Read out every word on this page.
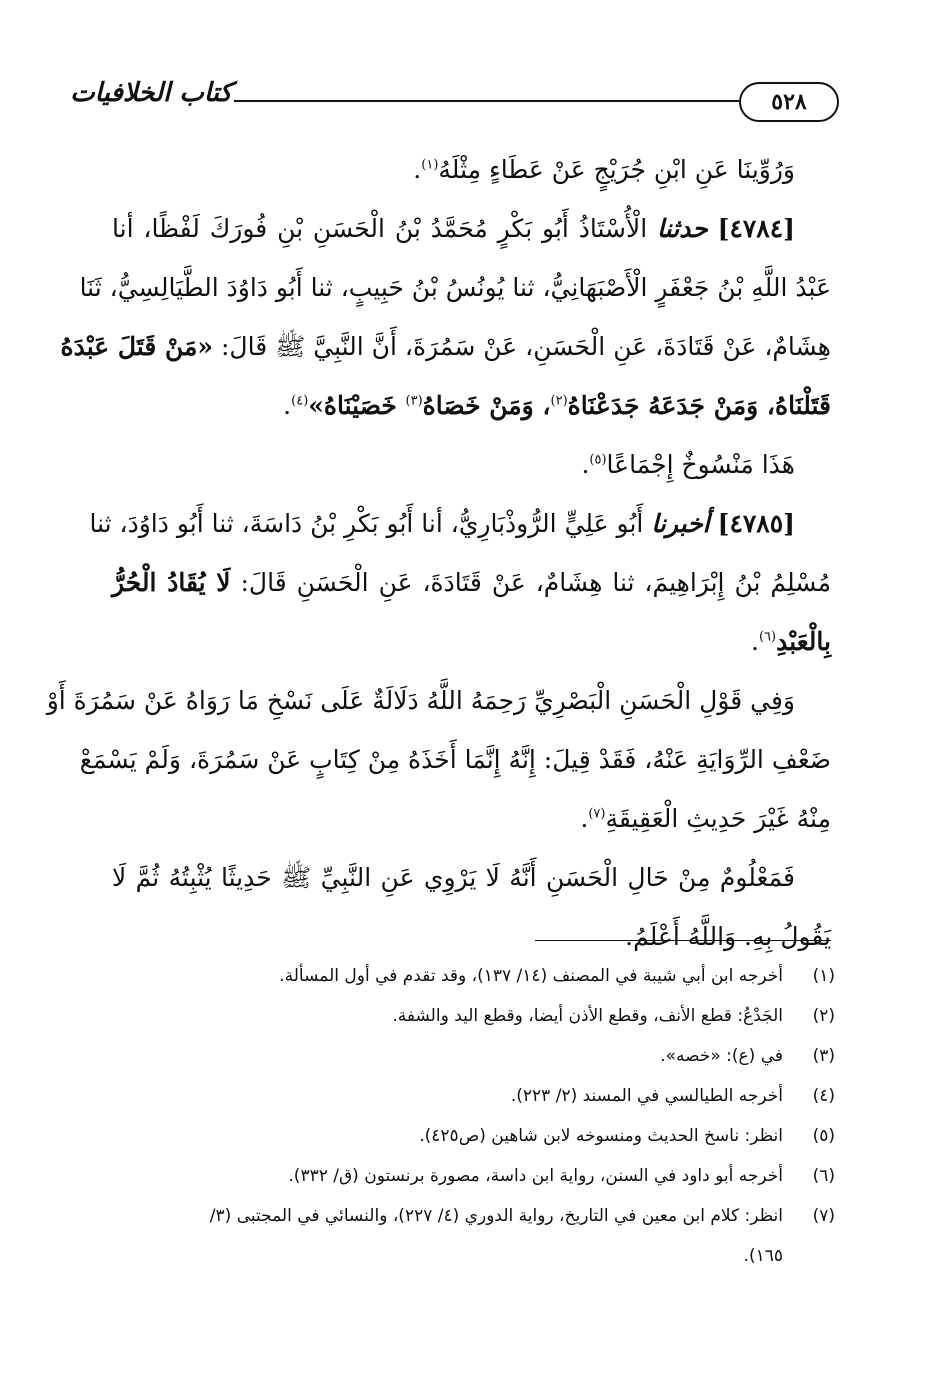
٥٢٨
كتاب الخلافيات
وَرُوِّينَا عَنِ ابْنِ جُرَيْجٍ عَنْ عَطَاءٍ مِثْلَهُ$^{(١)}$.
[٤٧٨٤] حدثنا الْأُسْتَاذُ أَبُو بَكْرٍ مُحَمَّدُ بْنُ الْحَسَنِ بْنِ فُورَكَ لَفْظًا، أنا
عَبْدُ اللَّهِ بْنُ جَعْفَرٍ الْأَصْبَهَانِيُّ، ثنا يُونُسُ بْنُ حَبِيبٍ، ثنا أَبُو دَاوُدَ الطَّيَالِسِيُّ، ثَنَا
هِشَامٌ، عَنْ قَتَادَةَ، عَنِ الْحَسَنِ، عَنْ سَمُرَةَ، أَنَّ النَّبِيَّ ﷺ قَالَ: «مَنْ قَتَلَ عَبْدَهُ
قَتَلْنَاهُ، وَمَنْ جَدَعَهُ جَدَعْنَاهُ$^{(٢)}$، وَمَنْ خَصَاهُ$^{(٣)}$ خَصَيْنَاهُ»$^{(٤)}$.
هَذَا مَنْسُوخٌ إِجْمَاعًا$^{(٥)}$.
[٤٧٨٥] أخبرنا أَبُو عَلِيٍّ الرُّوذْبَارِيُّ، أنا أَبُو بَكْرِ بْنُ دَاسَةَ، ثنا أَبُو دَاوُدَ، ثنا
مُسْلِمُ بْنُ إِبْرَاهِيمَ، ثنا هِشَامٌ، عَنْ قَتَادَةَ، عَنِ الْحَسَنِ قَالَ: لَا يُقَادُ الْحُرُّ
بِالْعَبْدِ$^{(٦)}$.
وَفِي قَوْلِ الْحَسَنِ الْبَصْرِيِّ رَحِمَهُ اللَّهُ دَلَالَةٌ عَلَى نَسْخِ مَا رَوَاهُ عَنْ سَمُرَةَ أَوْ
ضَعْفِ الرِّوَايَةِ عَنْهُ، فَقَدْ قِيلَ: إِنَّهُ إِنَّمَا أَخَذَهُ مِنْ كِتَابٍ عَنْ سَمُرَةَ، وَلَمْ يَسْمَعْ
مِنْهُ غَيْرَ حَدِيثِ الْعَقِيقَةِ$^{(٧)}$.
فَمَعْلُومٌ مِنْ حَالِ الْحَسَنِ أَنَّهُ لَا يَرْوِي عَنِ النَّبِيِّ ﷺ حَدِيثًا يُثْبِتُهُ ثُمَّ لَا
يَقُولُ بِهِ. وَاللَّهُ أَعْلَمُ.
(١)
أخرجه ابن أبي شيبة في المصنف (١٤/ ١٣٧)، وقد تقدم في أول المسألة.
(٢)
الجَدْعُ: قطع الأنف، وقطع الأذن أيضا، وقطع اليد والشفة.
(٣)
في (ع): «خصه».
(٤)
أخرجه الطيالسي في المسند (٢/ ٢٢٣).
(٥)
انظر: ناسخ الحديث ومنسوخه لابن شاهين (ص٤٢٥).
(٦)
أخرجه أبو داود في السنن، رواية ابن داسة، مصورة برنستون (ق/ ٣٣٢).
(٧)
انظر: كلام ابن معين في التاريخ، رواية الدوري (٤/ ٢٢٧)، والنسائي في المجتبى (٣/
١٦٥).
